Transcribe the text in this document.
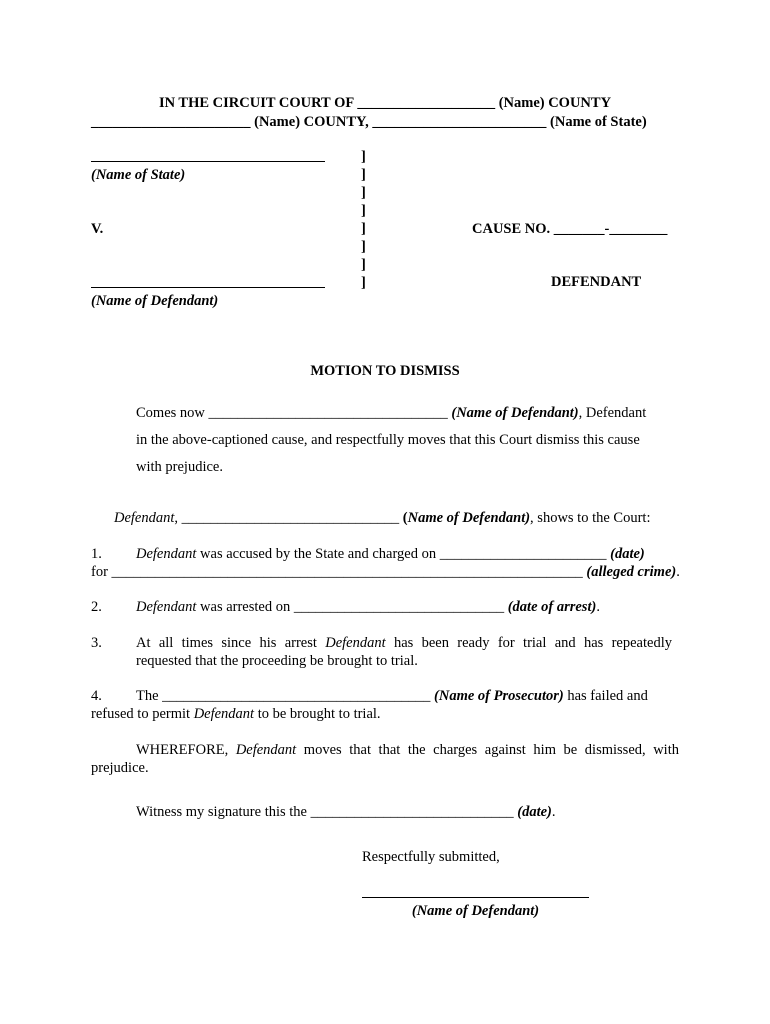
IN THE CIRCUIT COURT OF ___________________ (Name) COUNTY
______________________ (Name) COUNTY, ________________________ (Name of State)
(Name of State)
V.
(Name of Defendant)
]
]
]
]
]
]
]
]
CAUSE NO. _______-________
DEFENDANT
MOTION TO DISMISS
Comes now _________________________________ (Name of Defendant), Defendant
in the above-captioned cause, and respectfully moves that this Court dismiss this cause
with prejudice.
Defendant, ______________________________ (Name of Defendant), shows to the Court:
1. Defendant was accused by the State and charged on _______________________ (date)
for _________________________________________________________________ (alleged crime).
2. Defendant was arrested on _____________________________ (date of arrest).
3. At all times since his arrest Defendant has been ready for trial and has repeatedly
requested that the proceeding be brought to trial.
4. The _____________________________________ (Name of Prosecutor) has failed and
refused to permit Defendant to be brought to trial.
WHEREFORE, Defendant moves that that the charges against him be dismissed, with
prejudice.
Witness my signature this the ____________________________ (date).
Respectfully submitted,
(Name of Defendant)
